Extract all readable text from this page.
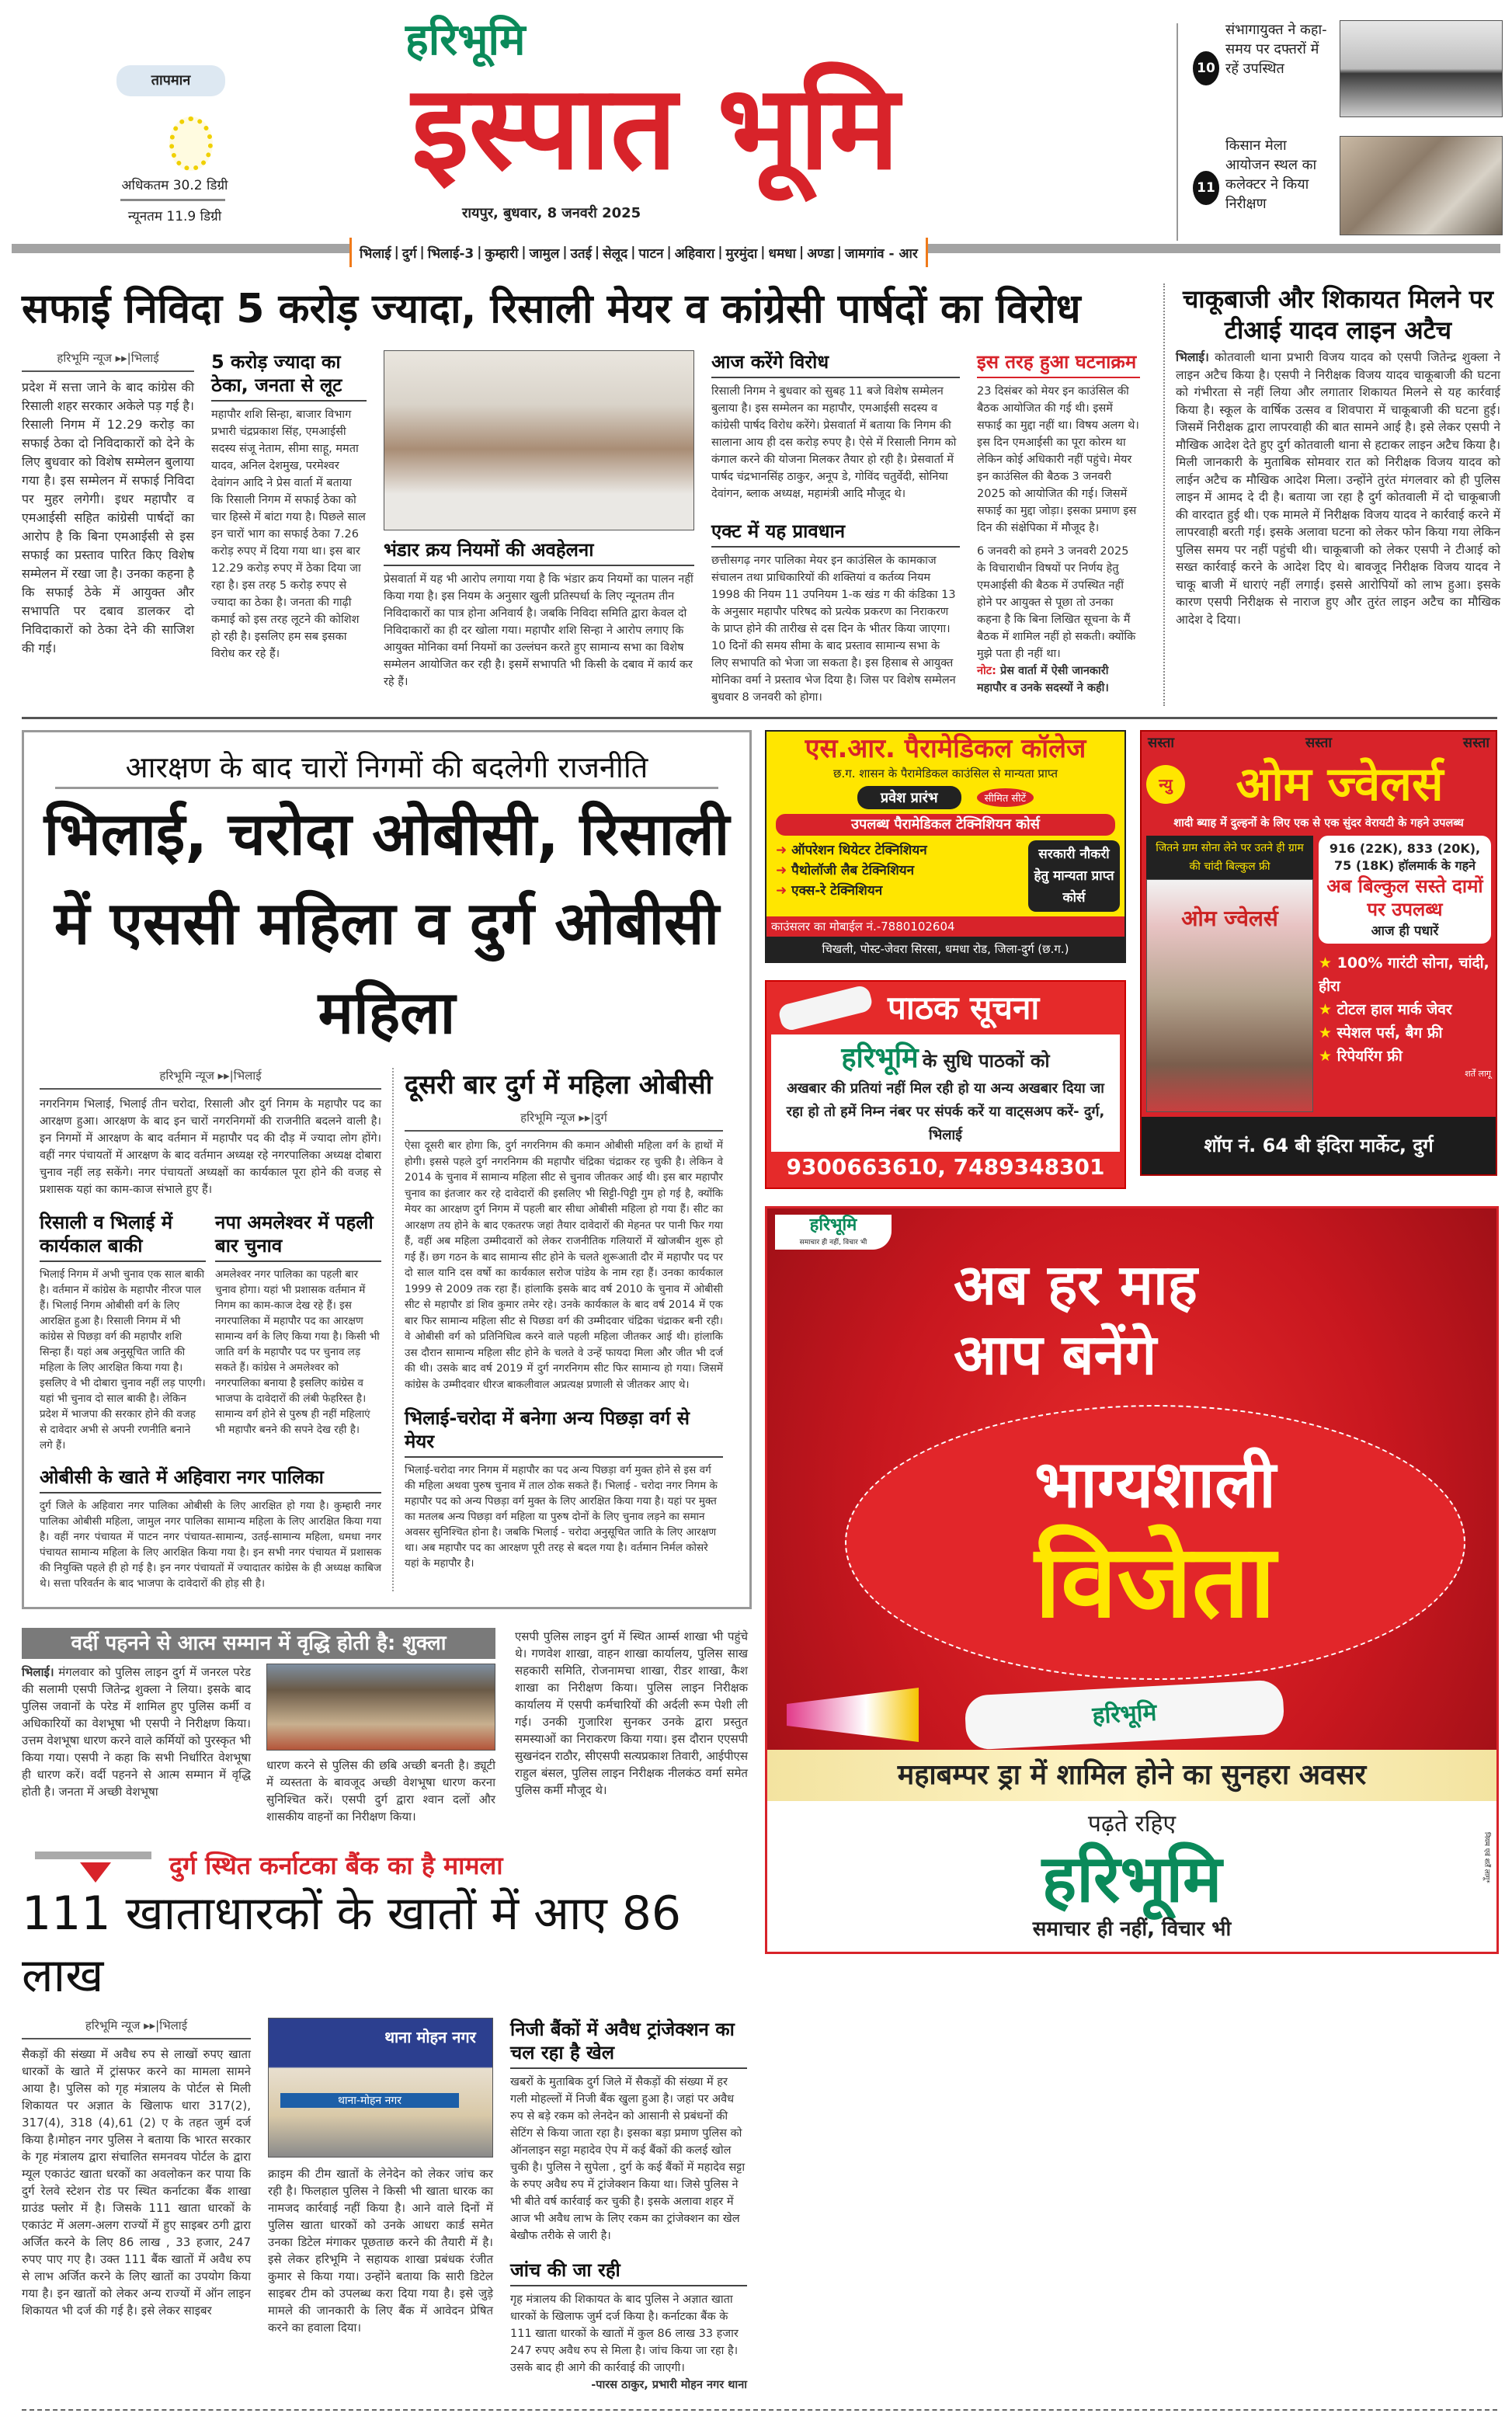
तापमान
अधिकतम 30.2 डिग्री
न्यूनतम 11.9 डिग्री
हरिभूमि
इस्पात भूमि
रायपुर, बुधवार, 8 जनवरी 2025
10
संभागायुक्त ने कहा-समय पर दफ्तरों में रहें उपस्थित
11
किसान मेला आयोजन स्थल का कलेक्टर ने किया निरीक्षण
भिलाई | दुर्ग | भिलाई-3 | कुम्हारी | जामुल | उतई | सेलूद | पाटन | अहिवारा | मुरमुंदा | धमधा | अण्डा | जामगांव - आर
सफाई निविदा 5 करोड़ ज्यादा, रिसाली मेयर व कांग्रेसी पार्षदों का विरोध
हरिभूमि न्यूज ▸▸|भिलाई
प्रदेश में सत्ता जाने के बाद कांग्रेस की रिसाली शहर सरकार अकेले पड़ गई है। रिसाली निगम में 12.29 करोड़ का सफाई ठेका दो निविदाकारों को देने के लिए बुधवार को विशेष सम्मेलन बुलाया गया है। इस सम्मेलन में सफाई निविदा पर मुहर लगेगी। इधर महापौर व एमआईसी सहित कांग्रेसी पार्षदों का आरोप है कि बिना एमआईसी से इस सफाई का प्रस्ताव पारित किए विशेष सम्मेलन में रखा जा है। उनका कहना है कि सफाई ठेके में आयुक्त और सभापति पर दबाव डालकर दो निविदाकारों को ठेका देने की साजिश की गई।
5 करोड़ ज्यादा का ठेका, जनता से लूट
महापौर शशि सिन्हा, बाजार विभाग प्रभारी चंद्रप्रकाश सिंह, एमआईसी सदस्य संजू नेताम, सीमा साहू, ममता यादव, अनिल देशमुख, परमेश्वर देवांगन आदि ने प्रेस वार्ता में बताया कि रिसाली निगम में सफाई ठेका को चार हिस्से में बांटा गया है। पिछले साल इन चारों भाग का सफाई ठेका 7.26 करोड़ रुपए में दिया गया था। इस बार 12.29 करोड़ रुपए में ठेका दिया जा रहा है। इस तरह 5 करोड़ रुपए से ज्यादा का ठेका है। जनता की गाढ़ी कमाई को इस तरह लूटने की कोशिश हो रही है। इसलिए हम सब इसका विरोध कर रहे हैं।
भंडार क्रय नियमों की अवहेलना
प्रेसवार्ता में यह भी आरोप लगाया गया है कि भंडार क्रय नियमों का पालन नहीं किया गया है। इस नियम के अनुसार खुली प्रतिस्पर्धा के लिए न्यूनतम तीन निविदाकारों का पात्र होना अनिवार्य है। जबकि निविदा समिति द्वारा केवल दो निविदाकारों का ही दर खोला गया। महापौर शशि सिन्हा ने आरोप लगाए कि आयुक्त मोनिका वर्मा नियमों का उल्लंघन करते हुए सामान्य सभा का विशेष सम्मेलन आयोजित कर रही है। इसमें सभापति भी किसी के दबाव में कार्य कर रहे हैं।
आज करेंगे विरोध
रिसाली निगम ने बुधवार को सुबह 11 बजे विशेष सम्मेलन बुलाया है। इस सम्मेलन का महापौर, एमआईसी सदस्य व कांग्रेसी पार्षद विरोध करेंगे। प्रेसवार्ता में बताया कि निगम की सालाना आय ही दस करोड़ रुपए है। ऐसे में रिसाली निगम को कंगाल करने की योजना मिलकर तैयार हो रही है। प्रेसवार्ता में पार्षद चंद्रभानसिंह ठाकुर, अनूप डे, गोविंद चतुर्वेदी, सोनिया देवांगन, ब्लाक अध्यक्ष, महामंत्री आदि मौजूद थे।
एक्ट में यह प्रावधान
छत्तीसगढ़ नगर पालिका मेयर इन काउंसिल के कामकाज संचालन तथा प्राधिकारियों की शक्तियां व कर्तव्य नियम 1998 की नियम 11 उपनियम 1-क खंड ग की कंडिका 13 के अनुसार महापौर परिषद को प्रत्येक प्रकरण का निराकरण के प्राप्त होने की तारीख से दस दिन के भीतर किया जाएगा। 10 दिनों की समय सीमा के बाद प्रस्ताव सामान्य सभा के लिए सभापति को भेजा जा सकता है। इस हिसाब से आयुक्त मोनिका वर्मा ने प्रस्ताव भेज दिया है। जिस पर विशेष सम्मेलन बुधवार 8 जनवरी को होगा।
इस तरह हुआ घटनाक्रम
23 दिसंबर को मेयर इन काउंसिल की बैठक आयोजित की गई थी। इसमें सफाई का मुद्दा नहीं था। विषय अलग थे। इस दिन एमआईसी का पूरा कोरम था लेकिन कोई अधिकारी नहीं पहुंचे। मेयर इन काउंसिल की बैठक 3 जनवरी 2025 को आयोजित की गई। जिसमें सफाई का मुद्दा जोड़ा। इसका प्रमाण इस दिन की संक्षेपिका में मौजूद है।
6 जनवरी को हमने 3 जनवरी 2025 के विचाराधीन विषयों पर निर्णय हेतु एमआईसी की बैठक में उपस्थित नहीं होने पर आयुक्त से पूछा तो उनका कहना है कि बिना लिखित सूचना के मैं बैठक में शामिल नहीं हो सकती। क्योंकि मुझे पता ही नहीं था।
नोट: प्रेस वार्ता में ऐसी जानकारी महापौर व उनके सदस्यों ने कही।
चाकूबाजी और शिकायत मिलने पर टीआई यादव लाइन अटैच
भिलाई। कोतवाली थाना प्रभारी विजय यादव को एसपी जितेन्द्र शुक्ला ने लाइन अटैच किया है। एसपी ने निरीक्षक विजय यादव चाकूबाजी की घटना को गंभीरता से नहीं लिया और लगातार शिकायत मिलने से यह कार्रवाई किया है। स्कूल के वार्षिक उत्सव व शिवपारा में चाकूबाजी की घटना हुई। जिसमें निरीक्षक द्वारा लापरवाही की बात सामने आई है। इसे लेकर एसपी ने मौखिक आदेश देते हुए दुर्ग कोतवाली थाना से हटाकर लाइन अटैच किया है। मिली जानकारी के मुताबिक सोमवार रात को निरीक्षक विजय यादव को लाईन अटैच क मौखिक आदेश मिला। उन्होंने तुरंत मंगलवार को ही पुलिस लाइन में आमद दे दी है। बताया जा रहा है दुर्ग कोतवाली में दो चाकूबाजी की वारदात हुई थी। एक मामले में निरीक्षक विजय यादव ने कार्रवाई करने में लापरवाही बरती गई। इसके अलावा घटना को लेकर फोन किया गया लेकिन पुलिस समय पर नहीं पहुंची थी। चाकूबाजी को लेकर एसपी ने टीआई को सख्त कार्रवाई करने के आदेश दिए थे। बावजूद निरीक्षक विजय यादव ने चाकू बाजी में धाराएं नहीं लगाई। इससे आरोपियों को लाभ हुआ। इसके कारण एसपी निरीक्षक से नाराज हुए और तुरंत लाइन अटैच का मौखिक आदेश दे दिया।
आरक्षण के बाद चारों निगमों की बदलेगी राजनीति
भिलाई, चरोदा ओबीसी, रिसाली में एससी महिला व दुर्ग ओबीसी महिला
हरिभूमि न्यूज ▸▸|भिलाई
नगरनिगम भिलाई, भिलाई तीन चरोदा, रिसाली और दुर्ग निगम के महापौर पद का आरक्षण हुआ। आरक्षण के बाद इन चारों नगरनिगमों की राजनीति बदलने वाली है। इन निगमों में आरक्षण के बाद वर्तमान में महापौर पद की दौड़ में ज्यादा लोग होंगे। वहीं नगर पंचायतों में आरक्षण के बाद वर्तमान अध्यक्ष रहे नगरपालिका अध्यक्ष दोबारा चुनाव नहीं लड़ सकेंगे। नगर पंचायतों अध्यक्षों का कार्यकाल पूरा होने की वजह से प्रशासक यहां का काम-काज संभाले हुए हैं।
रिसाली व भिलाई में कार्यकाल बाकी
भिलाई निगम में अभी चुनाव एक साल बाकी है। वर्तमान में कांग्रेस के महापौर नीरज पाल हैं। भिलाई निगम ओबीसी वर्ग के लिए आरक्षित हुआ है। रिसाली निगम में भी कांग्रेस से पिछड़ा वर्ग की महापौर शशि सिन्हा हैं। यहां अब अनुसूचित जाति की महिला के लिए आरक्षित किया गया है। इसलिए वे भी दोबारा चुनाव नहीं लड़ पाएगी। यहां भी चुनाव दो साल बाकी है। लेकिन प्रदेश में भाजपा की सरकार होने की वजह से दावेदार अभी से अपनी रणनीति बनाने लगे हैं।
नपा अमलेश्वर में पहली बार चुनाव
अमलेश्वर नगर पालिका का पहली बार चुनाव होगा। यहां भी प्रशासक वर्तमान में निगम का काम-काज देख रहे हैं। इस नगरपालिका में महापौर पद का आरक्षण सामान्य वर्ग के लिए किया गया है। किसी भी जाति वर्ग के महापौर पद पर चुनाव लड़ सकते हैं। कांग्रेस ने अमलेश्वर को नगरपालिका बनाया है इसलिए कांग्रेस व भाजपा के दावेदारों की लंबी फेहरिस्त है। सामान्य वर्ग होने से पुरुष ही नहीं महिलाएं भी महापौर बनने की सपने देख रही है।
ओबीसी के खाते में अहिवारा नगर पालिका
दुर्ग जिले के अहिवारा नगर पालिका ओबीसी के लिए आरक्षित हो गया है। कुम्हारी नगर पालिका ओबीसी महिला, जामुल नगर पालिका सामान्य महिला के लिए आरक्षित किया गया है। वहीं नगर पंचायत में पाटन नगर पंचायत-सामान्य, उतई-सामान्य महिला, धमधा नगर पंचायत सामान्य महिला के लिए आरक्षित किया गया है। इन सभी नगर पंचायत में प्रशासक की नियुक्ति पहले ही हो गई है। इन नगर पंचायतों में ज्यादातर कांग्रेस के ही अध्यक्ष काबिज थे। सत्ता परिवर्तन के बाद भाजपा के दावेदारों की होड़ सी है।
दूसरी बार दुर्ग में महिला ओबीसी
हरिभूमि न्यूज ▸▸|दुर्ग
ऐसा दूसरी बार होगा कि, दुर्ग नगरनिगम की कमान ओबीसी महिला वर्ग के हाथों में होगी। इससे पहले दुर्ग नगरनिगम की महापौर चंद्रिका चंद्राकर रह चुकी है। लेकिन वे 2014 के चुनाव में सामान्य महिला सीट से चुनाव जीतकर आई थी। इस बार महापौर चुनाव का इंतजार कर रहे दावेदारों की इसलिए भी सिट्टी-पिट्टी गुम हो गई है, क्योंकि मेयर का आरक्षण दुर्ग निगम में पहली बार सीधा ओबीसी महिला हो गया हैं। सीट का आरक्षण तय होने के बाद एकतरफ जहां तैयार दावेदारों की मेहनत पर पानी फिर गया हैं, वहीं अब महिला उम्मीदवारों को लेकर राजनीतिक गलियारों में खोजबीन शुरू हो गई हैं। छग गठन के बाद सामान्य सीट होने के चलते शुरूआती दौर में महापौर पद पर दो साल यानि दस वर्षो का कार्यकाल सरोज पांडेय के नाम रहा हैं। उनका कार्यकाल 1999 से 2009 तक रहा हैं। हांलाकि इसके बाद वर्ष 2010 के चुनाव में ओबीसी सीट से महापौर डां शिव कुमार तमेर रहे। उनके कार्यकाल के बाद वर्ष 2014 में एक बार फिर सामान्य महिला सीट से पिछडा वर्ग की उम्मीदवार चंद्रिका चंद्राकर बनी रही। वे ओबीसी वर्ग को प्रतिनिधित्व करने वाले पहली महिला जीतकर आई थी। हांलाकि उस दौरान सामान्य महिला सीट होने के चलते वे उन्हें फायदा मिला और जीत भी दर्ज की थी। उसके बाद वर्ष 2019 में दुर्ग नगरनिगम सीट फिर सामान्य हो गया। जिसमें कांग्रेस के उम्मीदवार धीरज बाकलीवाल अप्रत्यक्ष प्रणाली से जीतकर आए थे।
भिलाई-चरोदा में बनेगा अन्य पिछड़ा वर्ग से मेयर
भिलाई-चरोदा नगर निगम में महापौर का पद अन्य पिछड़ा वर्ग मुक्त होने से इस वर्ग की महिला अथवा पुरुष चुनाव में ताल ठोक सकते हैं। भिलाई - चरोदा नगर निगम के महापौर पद को अन्य पिछड़ा वर्ग मुक्त के लिए आरक्षित किया गया है। यहां पर मुक्त का मतलब अन्य पिछड़ा वर्ग महिला या पुरुष दोनों के लिए चुनाव लड़ने का समान अवसर सुनिश्चित होना है। जबकि भिलाई - चरोदा अनुसूचित जाति के लिए आरक्षण था। अब महापौर पद का आरक्षण पूरी तरह से बदल गया है। वर्तमान निर्मल कोसरे यहां के महापौर है।
वर्दी पहनने से आत्म सम्मान में वृद्धि होती है: शुक्ला
भिलाई। मंगलवार को पुलिस लाइन दुर्ग में जनरल परेड की सलामी एसपी जितेन्द्र शुक्ला ने लिया। इसके बाद पुलिस जवानों के परेड में शामिल हुए पुलिस कर्मी व अधिकारियों का वेशभूषा भी एसपी ने निरीक्षण किया। उत्तम वेशभूषा धारण करने वाले कर्मियों को पुरस्कृत भी किया गया। एसपी ने कहा कि सभी निर्धारित वेशभूषा ही धारण करें। वर्दी पहनने से आत्म सम्मान में वृद्धि होती है। जनता में अच्छी वेशभूषा
धारण करने से पुलिस की छबि अच्छी बनती है। ड्यूटी में व्यस्तता के बावजूद अच्छी वेशभूषा धारण करना सुनिश्चित करें। एसपी दुर्ग द्वारा श्वान दलों और शासकीय वाहनों का निरीक्षण किया।
एसपी पुलिस लाइन दुर्ग में स्थित आर्म्स शाखा भी पहुंचे थे। गणवेश शाखा, वाहन शाखा कार्यालय, पुलिस साख सहकारी समिति, रोजनामचा शाखा, रीडर शाखा, कैश शाखा का निरीक्षण किया। पुलिस लाइन निरीक्षक कार्यालय में एसपी कर्मचारियों की अर्दली रूम पेशी ली गई। उनकी गुजारिश सुनकर उनके द्वारा प्रस्तुत समस्याओं का निराकरण किया गया। इस दौरान एएसपी सुखनंदन राठौर, सीएसपी सत्यप्रकाश तिवारी, आईपीएस राहुल बंसल, पुलिस लाइन निरीक्षक नीलकंठ वर्मा समेत पुलिस कर्मी मौजूद थे।
दुर्ग स्थित कर्नाटका बैंक का है मामला
111 खाताधारकों के खातों में आए 86 लाख
हरिभूमि न्यूज ▸▸|भिलाई
सैकड़ों की संख्या में अवैध रुप से लाखों रुपए खाता धारकों के खाते में ट्रांसफर करने का मामला सामने आया है। पुलिस को गृह मंत्रालय के पोर्टल से मिली शिकायत पर अज्ञात के खिलाफ धारा 317(2), 317(4), 318 (4),61 (2) ए के तहत जुर्म दर्ज किया है।मोहन नगर पुलिस ने बताया कि भारत सरकार के गृह मंत्रालय द्वारा संचालित समनवय पोर्टल के द्वारा म्यूल एकाउंट खाता धरकों का अवलोकन कर पाया कि दुर्ग रेलवे स्टेशन रोड पर स्थित कर्नाटका बैंक शाखा ग्राउंड फ्लोर में है। जिसके 111 खाता धारकों के एकाउंट में अलग-अलग राज्यों में हुए साइबर ठगी द्वारा अर्जित करने के लिए 86 लाख , 33 हजार, 247 रुपए पाए गए है। उक्त 111 बैंक खातों में अवैध रुप से लाभ अर्जित करने के लिए खातों का उपयोग किया गया है। इन खातों को लेकर अन्य राज्यों में ऑन लाइन शिकायत भी दर्ज की गई है। इसे लेकर साइबर
थाना मोहन नगर
थाना-मोहन नगर
क्राइम की टीम खातों के लेनेदेन को लेकर जांच कर रही है। फिलहाल पुलिस ने किसी भी खाता धारक का नामजद कार्रवाई नहीं किया है। आने वाले दिनों में पुलिस खाता धारकों को उनके आधरा कार्ड समेत उनका डिटेल मंगाकर पूछताछ करने की तैयारी में है। इसे लेकर हरिभूमि ने सहायक शाखा प्रबंधक रंजीत कुमार से किया गया। उन्होंने बताया कि सारी डिटेल साइबर टीम को उपलब्ध करा दिया गया है। इसे जुड़े मामले की जानकारी के लिए बैंक में आवेदन प्रेषित करने का हवाला दिया।
निजी बैंकों में अवैध ट्रांजेक्शन का चल रहा है खेल
खबरों के मुताबिक दुर्ग जिले में सैकड़ों की संख्या में हर गली मोहल्लों में निजी बैंक खुला हुआ है। जहां पर अवैध रुप से बड़े रकम को लेनदेन को आसानी से प्रबंधनों की सेटिंग से किया जाता रहा है। इसका बड़ा प्रमाण पुलिस को ऑनलाइन सट्टा महादेव ऐप में कई बैंकों की कलई खोल चुकी है। पुलिस ने सुपेला , दुर्ग के कई बैंकों में महादेव सट्टा के रुपए अवैध रुप में ट्रांजेक्शन किया था। जिसे पुलिस ने भी बीते वर्ष कार्रवाई कर चुकी है। इसके अलावा शहर में आज भी अवैध लाभ के लिए रकम का ट्रांजेक्शन का खेल बेखौफ तरीके से जारी है।
जांच की जा रही
गृह मंत्रालय की शिकायत के बाद पुलिस ने अज्ञात खाता धारकों के खिलाफ जुर्म दर्ज किया है। कर्नाटका बैंक के 111 खाता धारकों के खातों में कुल 86 लाख 33 हजार 247 रुपए अवैध रुप से मिला है। जांच किया जा रहा है। उसके बाद ही आगे की कार्रवाई की जाएगी।
-पारस ठाकुर, प्रभारी मोहन नगर थाना
एस.आर. पैरामेडिकल कॉलेज
छ.ग. शासन के पैरामेडिकल काउंसिल से मान्यता प्राप्त
प्रवेश प्रारंभ	सीमित सीटें
उपलब्ध पैरामेडिकल टेक्निशियन कोर्स
➜ ऑपरेशन थियेटर टेक्निशियन
➜ पैथोलॉजी लैब टेक्निशियन
➜ एक्स-रे टेक्निशियन
सरकारी नौकरी हेतु मान्यता प्राप्त कोर्स
काउंसलर का मोबाईल नं.-7880102604
चिखली, पोस्ट-जेवरा सिरसा, धमधा रोड, जिला-दुर्ग (छ.ग.)
पाठक सूचना
हरिभूमि के सुधि पाठकों को
अखबार की प्रतियां नहीं मिल रही हो या अन्य अखबार दिया जा रहा हो तो हमें निम्न नंबर पर संपर्क करें या वाट्सअप करें- दुर्ग, भिलाई
9300663610, 7489348301
सस्ता	सस्ता	सस्ता
न्यु	ओम ज्वेलर्स
शादी ब्याह में दुल्हनों के लिए एक से एक सुंदर वेरायटी के गहने उपलब्ध
जितने ग्राम सोना लेने पर उतने ही ग्राम की चांदी बिल्कुल फ्री
ओम ज्वेलर्स
916 (22K), 833 (20K), 75 (18K) हॉलमार्क के गहने
अब बिल्कुल सस्ते दामों पर उपलब्ध
आज ही पधारें
★ 100% गारंटी सोना, चांदी, हीरा
★ टोटल हाल मार्क जेवर
★ स्पेशल पर्स, बैग फ्री
★ रिपेयरिंग फ्री
शर्तें लागू
शॉप नं. 64 बी इंदिरा मार्केट, दुर्ग
हरिभूमि
समाचार ही नहीं, विचार भी
अब हर माह
आप बनेंगे
भाग्यशाली
विजेता
हरिभूमि
महाबम्पर ड्रा में शामिल होने का सुनहरा अवसर
पढ़ते रहिए
हरिभूमि
समाचार ही नहीं, विचार भी
नियम एवं शर्तें लागू*
